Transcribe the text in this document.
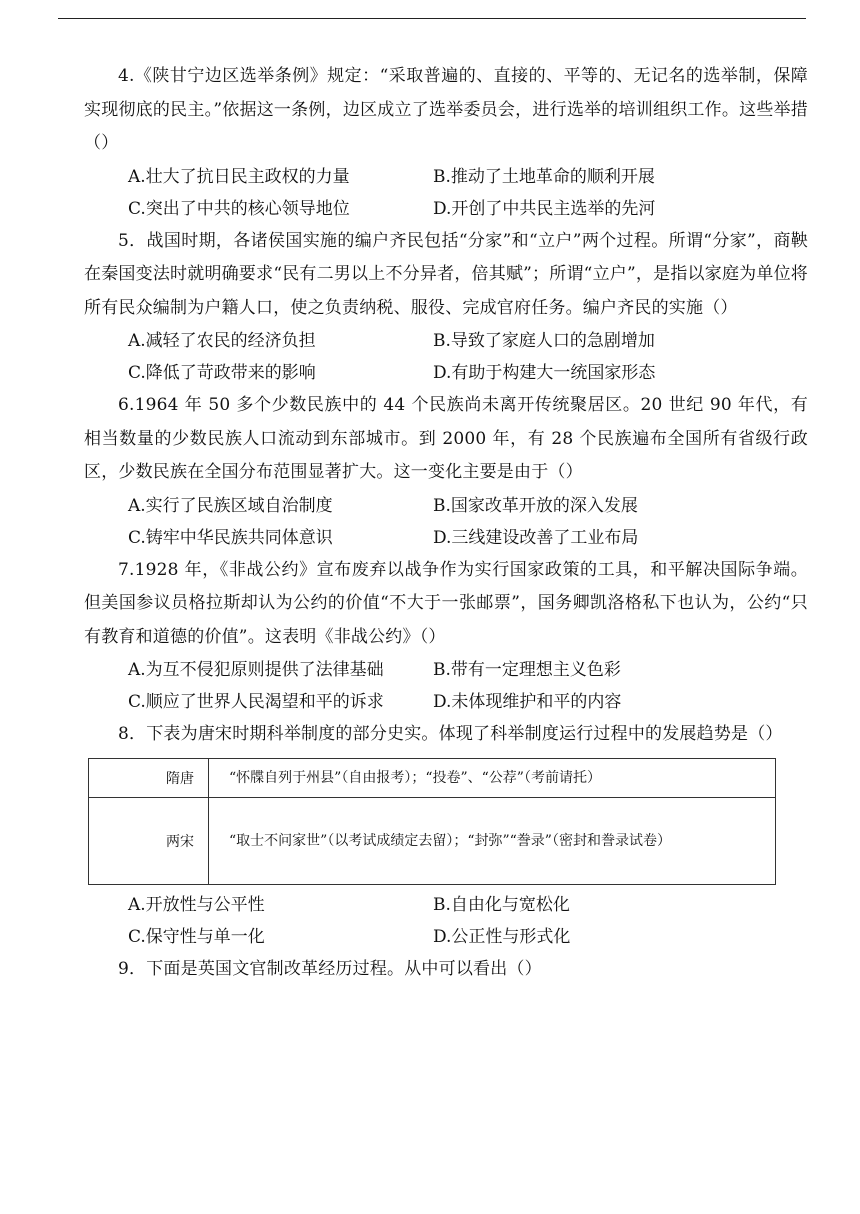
4.《陕甘宁边区选举条例》规定：“采取普遍的、直接的、平等的、无记名的选举制，保障实现彻底的民主。”依据这一条例，边区成立了选举委员会，进行选举的培训组织工作。这些举措（）

A.壮大了抗日民主政权的力量	B.推动了土地革命的顺利开展
C.突出了中共的核心领导地位	D.开创了中共民主选举的先河

5．战国时期，各诸侯国实施的编户齐民包括“分家”和“立户”两个过程。所谓“分家”，商鞅在秦国变法时就明确要求“民有二男以上不分异者，倍其赋”；所谓“立户”，是指以家庭为单位将所有民众编制为户籍人口，使之负责纳税、服役、完成官府任务。编户齐民的实施（）

A.减轻了农民的经济负担	B.导致了家庭人口的急剧增加
C.降低了苛政带来的影响	D.有助于构建大一统国家形态

6.1964 年 50 多个少数民族中的 44 个民族尚未离开传统聚居区。20 世纪 90 年代，有相当数量的少数民族人口流动到东部城市。到 2000 年，有 28 个民族遍布全国所有省级行政区，少数民族在全国分布范围显著扩大。这一变化主要是由于（）

A.实行了民族区域自治制度	B.国家改革开放的深入发展
C.铸牢中华民族共同体意识	D.三线建设改善了工业布局

7.1928 年，《非战公约》宣布废弃以战争作为实行国家政策的工具，和平解决国际争端。但美国参议员格拉斯却认为公约的价值“不大于一张邮票”，国务卿凯洛格私下也认为，公约“只有教育和道德的价值”。这表明《非战公约》（）

A.为互不侵犯原则提供了法律基础	B.带有一定理想主义色彩
C.顺应了世界人民渴望和平的诉求	D.未体现维护和平的内容

8．下表为唐宋时期科举制度的部分史实。体现了科举制度运行过程中的发展趋势是（）

隋唐	“怀牒自列于州县”（自由报考）；“投卷”、“公荐”（考前请托）
两宋	“取士不问家世”（以考试成绩定去留）；“封弥”“誊录”（密封和誊录试卷）
A.开放性与公平性	B.自由化与宽松化
C.保守性与单一化	D.公正性与形式化

9．下面是英国文官制改革经历过程。从中可以看出（）
